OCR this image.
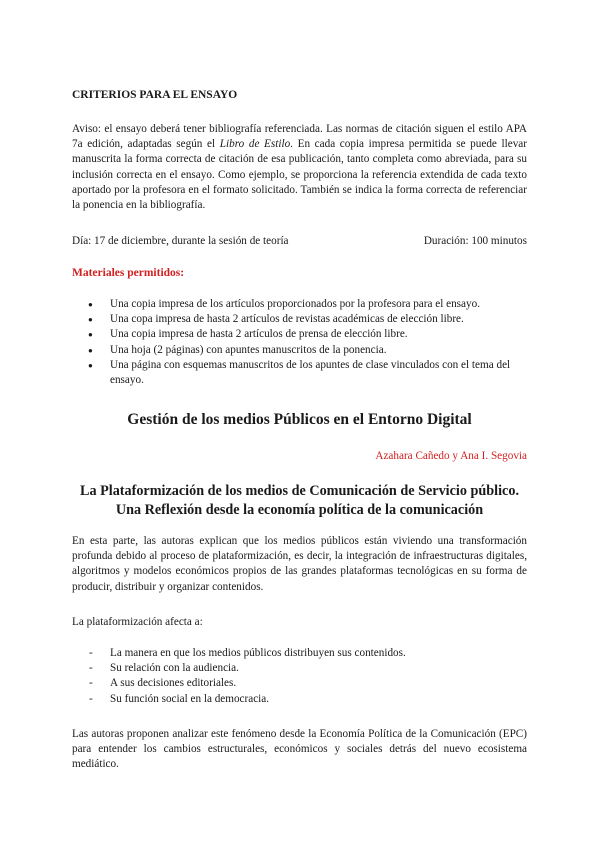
CRITERIOS PARA EL ENSAYO
Aviso: el ensayo deberá tener bibliografía referenciada. Las normas de citación siguen el estilo APA 7a edición, adaptadas según el Libro de Estilo. En cada copia impresa permitida se puede llevar manuscrita la forma correcta de citación de esa publicación, tanto completa como abreviada, para su inclusión correcta en el ensayo. Como ejemplo, se proporciona la referencia extendida de cada texto aportado por la profesora en el formato solicitado. También se indica la forma correcta de referenciar la ponencia en la bibliografía.
Día: 17 de diciembre, durante la sesión de teoría	Duración: 100 minutos
Materiales permitidos:
● Una copia impresa de los artículos proporcionados por la profesora para el ensayo.
● Una copa impresa de hasta 2 artículos de revistas académicas de elección libre.
● Una copia impresa de hasta 2 artículos de prensa de elección libre.
● Una hoja (2 páginas) con apuntes manuscritos de la ponencia.
● Una página con esquemas manuscritos de los apuntes de clase vinculados con el tema del ensayo.
Gestión de los medios Públicos en el Entorno Digital
Azahara Cañedo y Ana I. Segovia
La Plataformización de los medios de Comunicación de Servicio público.
Una Reflexión desde la economía política de la comunicación
En esta parte, las autoras explican que los medios públicos están viviendo una transformación profunda debido al proceso de plataformización, es decir, la integración de infraestructuras digitales, algoritmos y modelos económicos propios de las grandes plataformas tecnológicas en su forma de producir, distribuir y organizar contenidos.
La plataformización afecta a:
- La manera en que los medios públicos distribuyen sus contenidos.
- Su relación con la audiencia.
- A sus decisiones editoriales.
- Su función social en la democracia.
Las autoras proponen analizar este fenómeno desde la Economía Política de la Comunicación (EPC) para entender los cambios estructurales, económicos y sociales detrás del nuevo ecosistema mediático.
